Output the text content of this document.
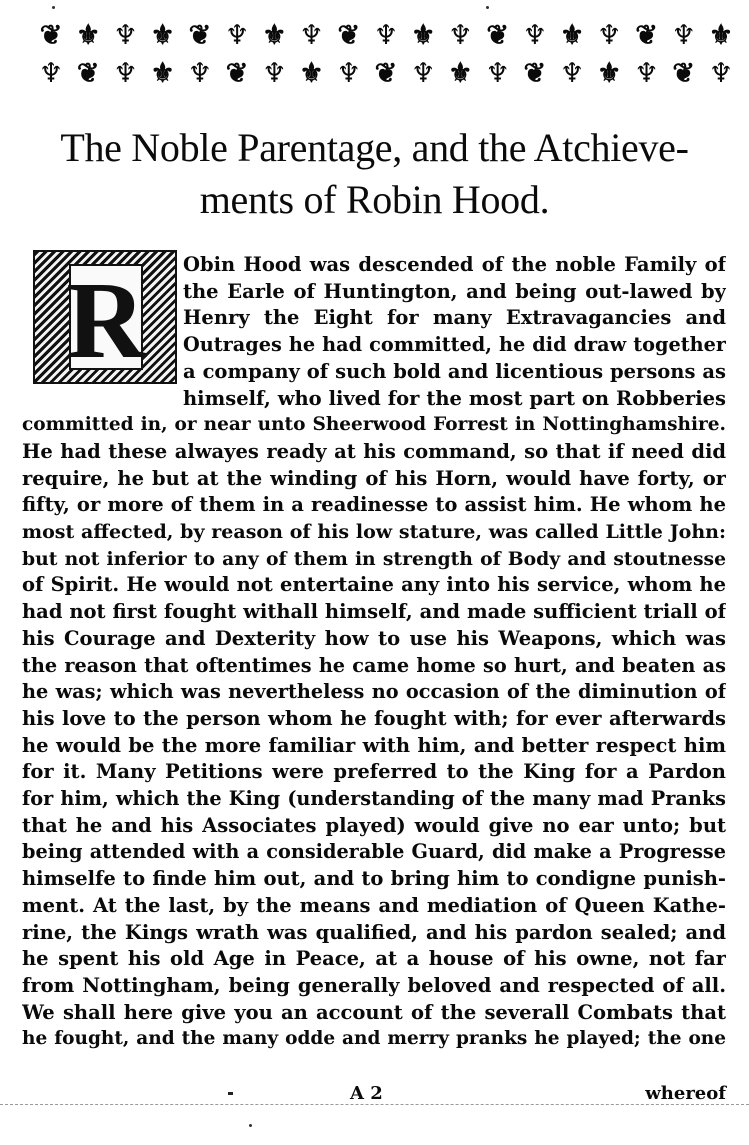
❦ ⚜ ♆ ⚜ ❦ ♆ ⚜ ♆ ❦ ♆ ⚜ ♆ ❦ ♆ ⚜ ♆ ❦ ♆ ⚜
♆ ❦ ♆ ⚜ ♆ ❦ ♆ ⚜ ♆ ❦ ♆ ⚜ ♆ ❦ ♆ ⚜ ♆ ❦ ♆
The Noble Parentage, and the Atchieve-
ments of Robin Hood.
R Obin Hood was descended of the noble Family of
the Earle of Huntington, and being out-lawed by
Henry the Eight for many Extravagancies and
Outrages he had committed, he did draw together
a company of such bold and licentious persons as
himself, who lived for the most part on Robberies
committed in, or near unto Sheerwood Forrest in Nottinghamshire.
He had these alwayes ready at his command, so that if need did
require, he but at the winding of his Horn, would have forty, or
fifty, or more of them in a readinesse to assist him. He whom he
most affected, by reason of his low stature, was called Little John:
but not inferior to any of them in strength of Body and stoutnesse
of Spirit. He would not entertaine any into his service, whom he
had not first fought withall himself, and made sufficient triall of
his Courage and Dexterity how to use his Weapons, which was
the reason that oftentimes he came home so hurt, and beaten as
he was; which was nevertheless no occasion of the diminution of
his love to the person whom he fought with; for ever afterwards
he would be the more familiar with him, and better respect him
for it. Many Petitions were preferred to the King for a Pardon
for him, which the King (understanding of the many mad Pranks
that he and his Associates played) would give no ear unto; but
being attended with a considerable Guard, did make a Progresse
himselfe to finde him out, and to bring him to condigne punish-
ment. At the last, by the means and mediation of Queen Kathe-
rine, the Kings wrath was qualified, and his pardon sealed; and
he spent his old Age in Peace, at a house of his owne, not far
from Nottingham, being generally beloved and respected of all.
We shall here give you an account of the severall Combats that
he fought, and the many odde and merry pranks he played; the one
A 2	whereof
